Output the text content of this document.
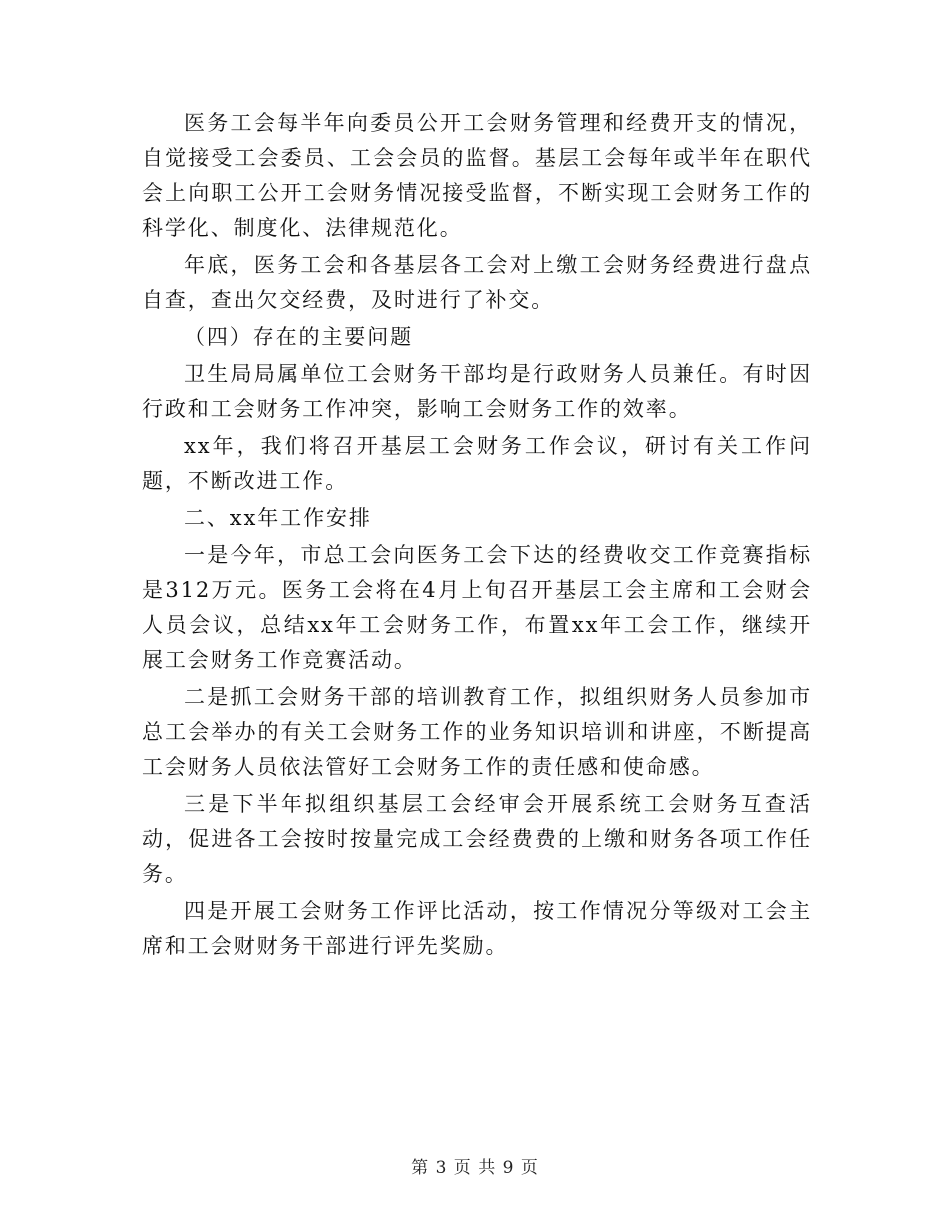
医务工会每半年向委员公开工会财务管理和经费开支的情况，自觉接受工会委员、工会会员的监督。基层工会每年或半年在职代会上向职工公开工会财务情况接受监督，不断实现工会财务工作的科学化、制度化、法律规范化。

年底，医务工会和各基层各工会对上缴工会财务经费进行盘点自查，查出欠交经费，及时进行了补交。

（四）存在的主要问题

卫生局局属单位工会财务干部均是行政财务人员兼任。有时因行政和工会财务工作冲突，影响工会财务工作的效率。

xx年，我们将召开基层工会财务工作会议，研讨有关工作问题，不断改进工作。

二、xx年工作安排

一是今年，市总工会向医务工会下达的经费收交工作竞赛指标是312万元。医务工会将在4月上旬召开基层工会主席和工会财会人员会议，总结xx年工会财务工作，布置xx年工会工作，继续开展工会财务工作竞赛活动。

二是抓工会财务干部的培训教育工作，拟组织财务人员参加市总工会举办的有关工会财务工作的业务知识培训和讲座，不断提高工会财务人员依法管好工会财务工作的责任感和使命感。

三是下半年拟组织基层工会经审会开展系统工会财务互查活动，促进各工会按时按量完成工会经费费的上缴和财务各项工作任务。

四是开展工会财务工作评比活动，按工作情况分等级对工会主席和工会财财务干部进行评先奖励。

第 3 页 共 9 页
